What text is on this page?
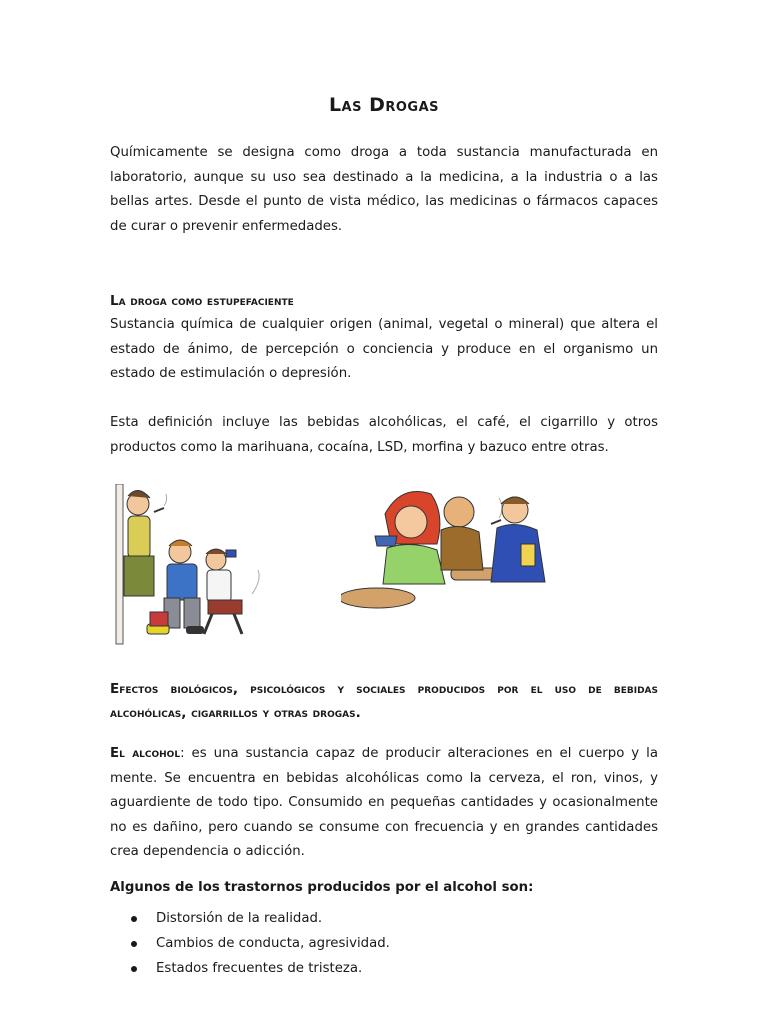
Las Drogas

Químicamente se designa como droga a toda sustancia manufacturada en laboratorio, aunque su uso sea destinado a la medicina, a la industria o a las bellas artes. Desde el punto de vista médico, las medicinas o fármacos capaces de curar o prevenir enfermedades.

La droga como estupefaciente

Sustancia química de cualquier origen (animal, vegetal o mineral) que altera el estado de ánimo, de percepción o conciencia y produce en el organismo un estado de estimulación o depresión.

Esta definición incluye las bebidas alcohólicas, el café, el cigarrillo y otros productos como la marihuana, cocaína, LSD, morfina y bazuco entre otras.

Efectos biológicos, psicológicos y sociales producidos por el uso de bebidas alcohólicas, cigarrillos y otras drogas.

El alcohol: es una sustancia capaz de producir alteraciones en el cuerpo y la mente. Se encuentra en bebidas alcohólicas como la cerveza, el ron, vinos, y aguardiente de todo tipo. Consumido en pequeñas cantidades y ocasionalmente no es dañino, pero cuando se consume con frecuencia y en grandes cantidades crea dependencia o adicción.

Algunos de los trastornos producidos por el alcohol son:

Distorsión de la realidad.
Cambios de conducta, agresividad.
Estados frecuentes de tristeza.
